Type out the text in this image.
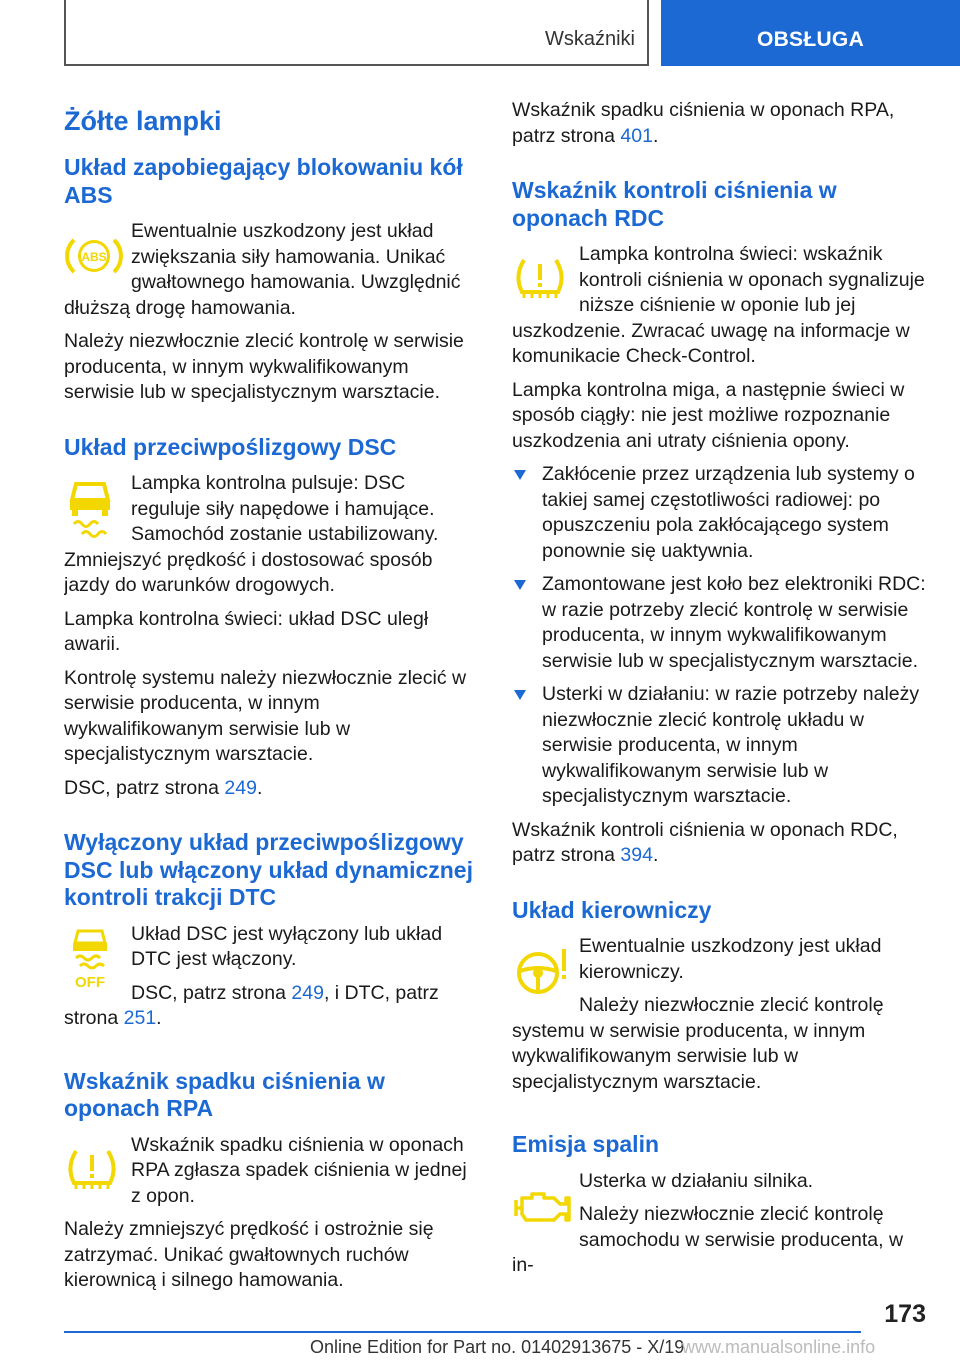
Wskaźniki	OBSŁUGA
Żółte lampki
Układ zapobiegający blokowaniu kół ABS
ABS

Ewentualnie uszkodzony jest układ zwiększania siły hamowania. Unikać gwałtownego hamowania. Uwzględnić dłuższą drogę hamowania.

Należy niezwłocznie zlecić kontrolę w serwisie producenta, w innym wykwalifikowanym serwisie lub w specjalistycznym warsztacie.

Układ przeciwpoślizgowy DSC

Lampka kontrolna pulsuje: DSC reguluje siły napędowe i hamujące. Samochód zostanie ustabilizowany. Zmniejszyć prędkość i dostosować sposób jazdy do warunków drogowych.

Lampka kontrolna świeci: układ DSC uległ awarii.

Kontrolę systemu należy niezwłocznie zlecić w serwisie producenta, w innym wykwalifikowanym serwisie lub w specjalistycznym warsztacie.

DSC, patrz strona 249.

Wyłączony układ przeciwpoślizgowy DSC lub włączony układ dynamicznej kontroli trakcji DTC
OFF

Układ DSC jest wyłączony lub układ DTC jest włączony.

DSC, patrz strona 249, i DTC, patrz strona 251.

Wskaźnik spadku ciśnienia w oponach RPA

Wskaźnik spadku ciśnienia w oponach RPA zgłasza spadek ciśnienia w jednej z opon.

Należy zmniejszyć prędkość i ostrożnie się zatrzymać. Unikać gwałtownych ruchów kierownicą i silnego hamowania.

Wskaźnik spadku ciśnienia w oponach RPA, patrz strona 401.

Wskaźnik kontroli ciśnienia w oponach RDC

Lampka kontrolna świeci: wskaźnik kontroli ciśnienia w oponach sygnalizuje niższe ciśnienie w oponie lub jej uszkodzenie. Zwracać uwagę na informacje w komunikacie Check-Control.

Lampka kontrolna miga, a następnie świeci w sposób ciągły: nie jest możliwe rozpoznanie uszkodzenia ani utraty ciśnienia opony.

Zakłócenie przez urządzenia lub systemy o takiej samej częstotliwości radiowej: po opuszczeniu pola zakłócającego system ponownie się uaktywnia.
Zamontowane jest koło bez elektroniki RDC: w razie potrzeby zlecić kontrolę w serwisie producenta, w innym wykwalifikowanym serwisie lub w specjalistycznym warsztacie.
Usterki w działaniu: w razie potrzeby należy niezwłocznie zlecić kontrolę układu w serwisie producenta, w innym wykwalifikowanym serwisie lub w specjalistycznym warsztacie.

Wskaźnik kontroli ciśnienia w oponach RDC, patrz strona 394.

Układ kierowniczy

Ewentualnie uszkodzony jest układ kierowniczy.

Należy niezwłocznie zlecić kontrolę systemu w serwisie producenta, w innym wykwalifikowanym serwisie lub w specjalistycznym warsztacie.

Emisja spalin

Usterka w działaniu silnika.

Należy niezwłocznie zlecić kontrolę samochodu w serwisie producenta, w in-

173
Online Edition for Part no. 01402913675 - X/19
www.manualsonline.info
